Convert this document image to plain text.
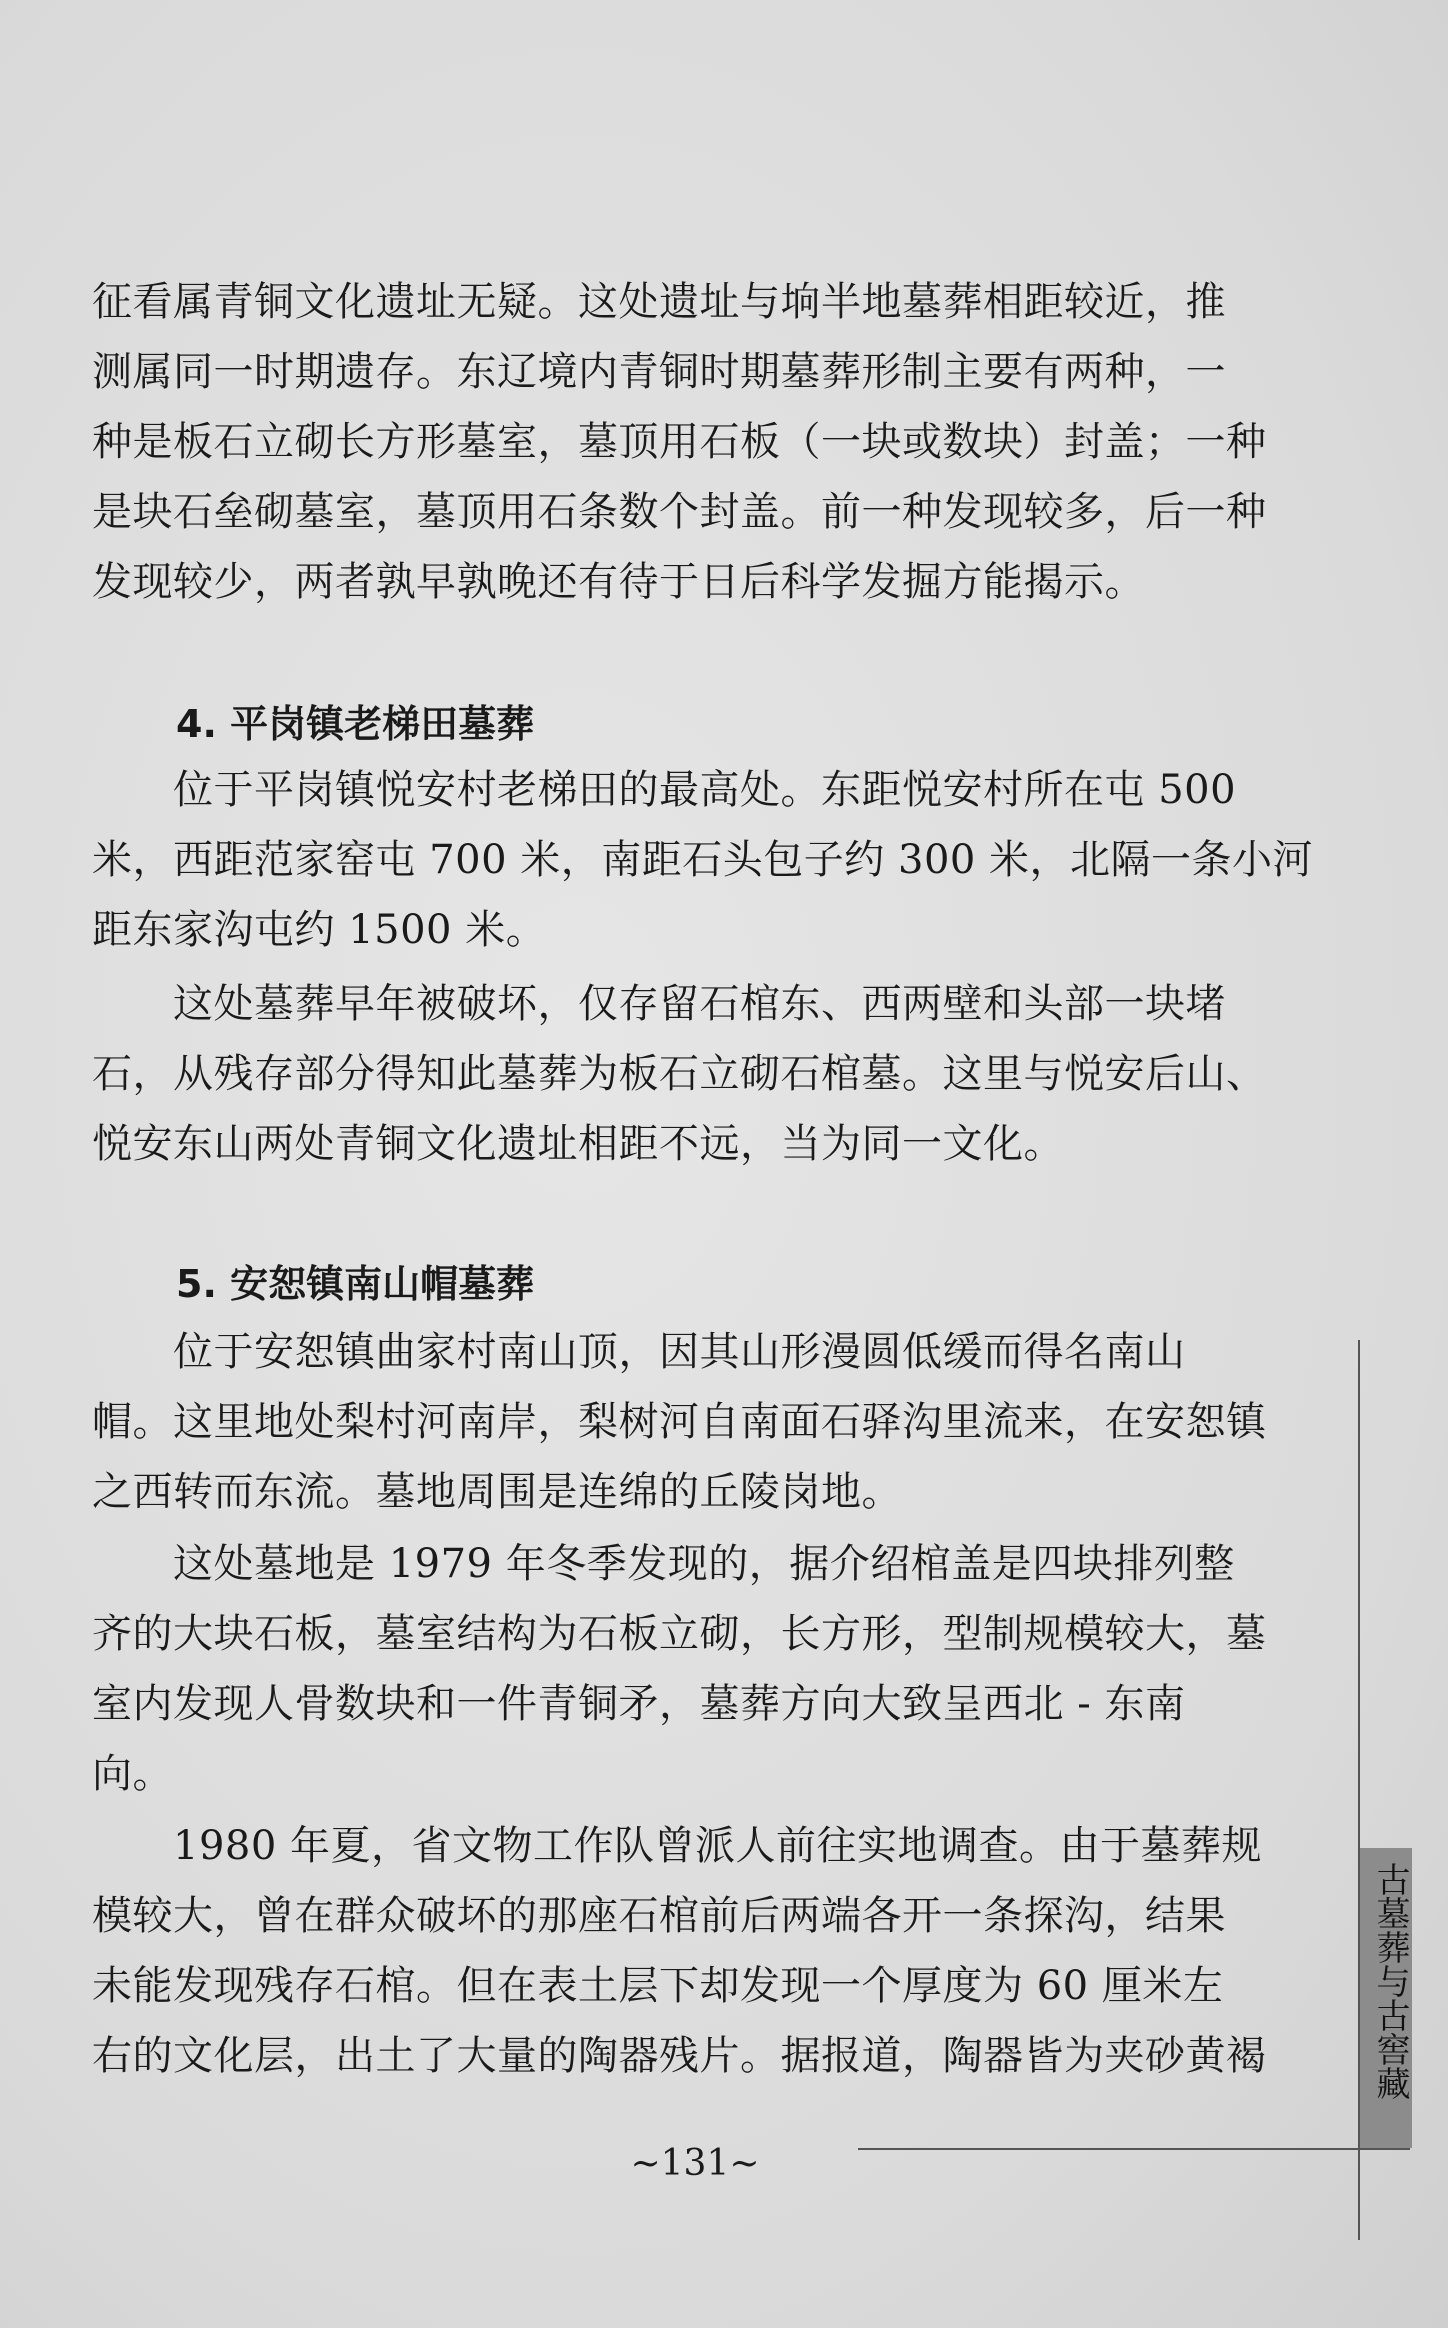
征看属青铜文化遗址无疑。这处遗址与垧半地墓葬相距较近，推
测属同一时期遗存。东辽境内青铜时期墓葬形制主要有两种，一
种是板石立砌长方形墓室，墓顶用石板（一块或数块）封盖；一种
是块石垒砌墓室，墓顶用石条数个封盖。前一种发现较多，后一种
发现较少，两者孰早孰晚还有待于日后科学发掘方能揭示。
4. 平岗镇老梯田墓葬
　　位于平岗镇悦安村老梯田的最高处。东距悦安村所在屯 500
米，西距范家窑屯 700 米，南距石头包子约 300 米，北隔一条小河
距东家沟屯约 1500 米。
　　这处墓葬早年被破坏，仅存留石棺东、西两壁和头部一块堵
石，从残存部分得知此墓葬为板石立砌石棺墓。这里与悦安后山、
悦安东山两处青铜文化遗址相距不远，当为同一文化。
5. 安恕镇南山帽墓葬
　　位于安恕镇曲家村南山顶，因其山形漫圆低缓而得名南山
帽。这里地处梨村河南岸，梨树河自南面石驿沟里流来，在安恕镇
之西转而东流。墓地周围是连绵的丘陵岗地。
　　这处墓地是 1979 年冬季发现的，据介绍棺盖是四块排列整
齐的大块石板，墓室结构为石板立砌，长方形，型制规模较大，墓
室内发现人骨数块和一件青铜矛，墓葬方向大致呈西北 - 东南
向。
　　1980 年夏，省文物工作队曾派人前往实地调查。由于墓葬规
模较大，曾在群众破坏的那座石棺前后两端各开一条探沟，结果
未能发现残存石棺。但在表土层下却发现一个厚度为 60 厘米左
右的文化层，出土了大量的陶器残片。据报道，陶器皆为夹砂黄褐
~131~
古墓葬与古窖藏
